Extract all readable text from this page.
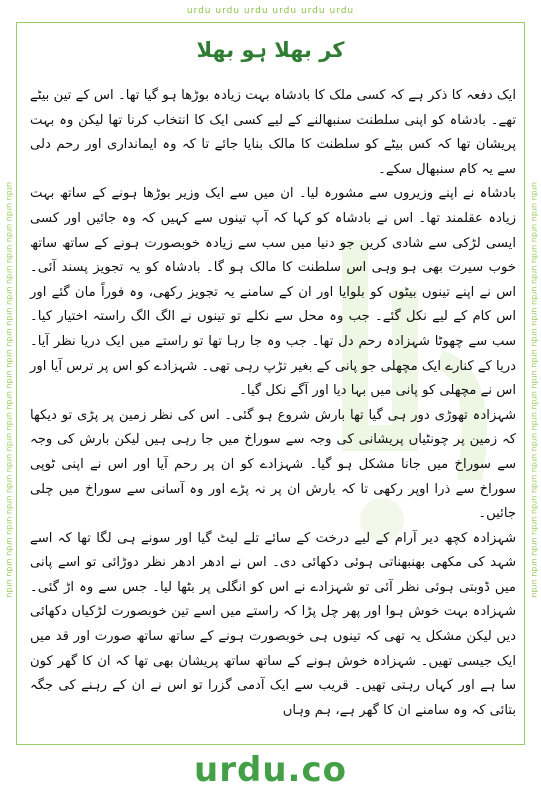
urdu urdu urdu urdu urdu urdu
urdu urdu urdu urdu urdu urdu urdu urdu urdu urdu urdu urdu urdu urdu urdu urdu urdu urdu urdu urdu	urdu urdu urdu urdu urdu urdu urdu urdu urdu urdu urdu urdu urdu urdu urdu urdu urdu urdu urdu urdu
کر بھلا ہو بھلا

ایک دفعہ کا ذکر ہے کہ کسی ملک کا بادشاہ بہت زیادہ بوڑھا ہو گیا تھا۔ اس کے تین بیٹے تھے۔ بادشاہ کو اپنی سلطنت سنبھالنے کے لیے کسی ایک کا انتخاب کرنا تھا لیکن وہ بہت پریشان تھا کہ کس بیٹے کو سلطنت کا مالک بنایا جائے تا کہ وہ ایمانداری اور رحم دلی سے یہ کام سنبھال سکے۔

بادشاہ نے اپنے وزیروں سے مشورہ لیا۔ ان میں سے ایک وزیر بوڑھا ہونے کے ساتھ بہت زیادہ عقلمند تھا۔ اس نے بادشاہ کو کہا کہ آپ تینوں سے کہیں کہ وہ جائیں اور کسی ایسی لڑکی سے شادی کریں جو دنیا میں سب سے زیادہ خوبصورت ہونے کے ساتھ ساتھ خوب سیرت بھی ہو وہی اس سلطنت کا مالک ہو گا۔ بادشاہ کو یہ تجویز پسند آئی۔ اس نے اپنے تینوں بیٹوں کو بلوایا اور ان کے سامنے یہ تجویز رکھی، وہ فوراً مان گئے اور اس کام کے لیے نکل گئے۔ جب وہ محل سے نکلے تو تینوں نے الگ الگ راستہ اختیار کیا۔ سب سے چھوٹا شہزادہ رحم دل تھا۔ جب وہ جا رہا تھا تو راستے میں ایک دریا نظر آیا۔ دریا کے کنارے ایک مچھلی جو پانی کے بغیر تڑپ رہی تھی۔ شہزادے کو اس پر ترس آیا اور اس نے مچھلی کو پانی میں بہا دیا اور آگے نکل گیا۔

شہزادہ تھوڑی دور ہی گیا تھا بارش شروع ہو گئی۔ اس کی نظر زمین پر پڑی تو دیکھا کہ زمین پر چونٹیاں پریشانی کی وجہ سے سوراخ میں جا رہی ہیں لیکن بارش کی وجہ سے سوراخ میں جانا مشکل ہو گیا۔ شہزادے کو ان پر رحم آیا اور اس نے اپنی ٹوپی سوراخ سے ذرا اوپر رکھی تا کہ بارش ان پر نہ پڑے اور وہ آسانی سے سوراخ میں چلی جائیں۔

شہزادہ کچھ دیر آرام کے لیے درخت کے سائے تلے لیٹ گیا اور سونے ہی لگا تھا کہ اسے شہد کی مکھی بھنبھناتی ہوئی دکھائی دی۔ اس نے ادھر ادھر نظر دوڑائی تو اسے پانی میں ڈوبتی ہوئی نظر آئی تو شہزادے نے اس کو انگلی پر بٹھا لیا۔ جس سے وہ اڑ گئی۔ شہزادہ بہت خوش ہوا اور پھر چل پڑا کہ راستے میں اسے تین خوبصورت لڑکیاں دکھائی دیں لیکن مشکل یہ تھی کہ تینوں ہی خوبصورت ہونے کے ساتھ ساتھ صورت اور قد میں ایک جیسی تھیں۔ شہزادہ خوش ہونے کے ساتھ ساتھ پریشان بھی تھا کہ ان کا گھر کون سا ہے اور کہاں رہتی تھیں۔ قریب سے ایک آدمی گزرا تو اس نے ان کے رہنے کی جگہ بتائی کہ وہ سامنے ان کا گھر ہے، ہم وہاں

urdu.co
